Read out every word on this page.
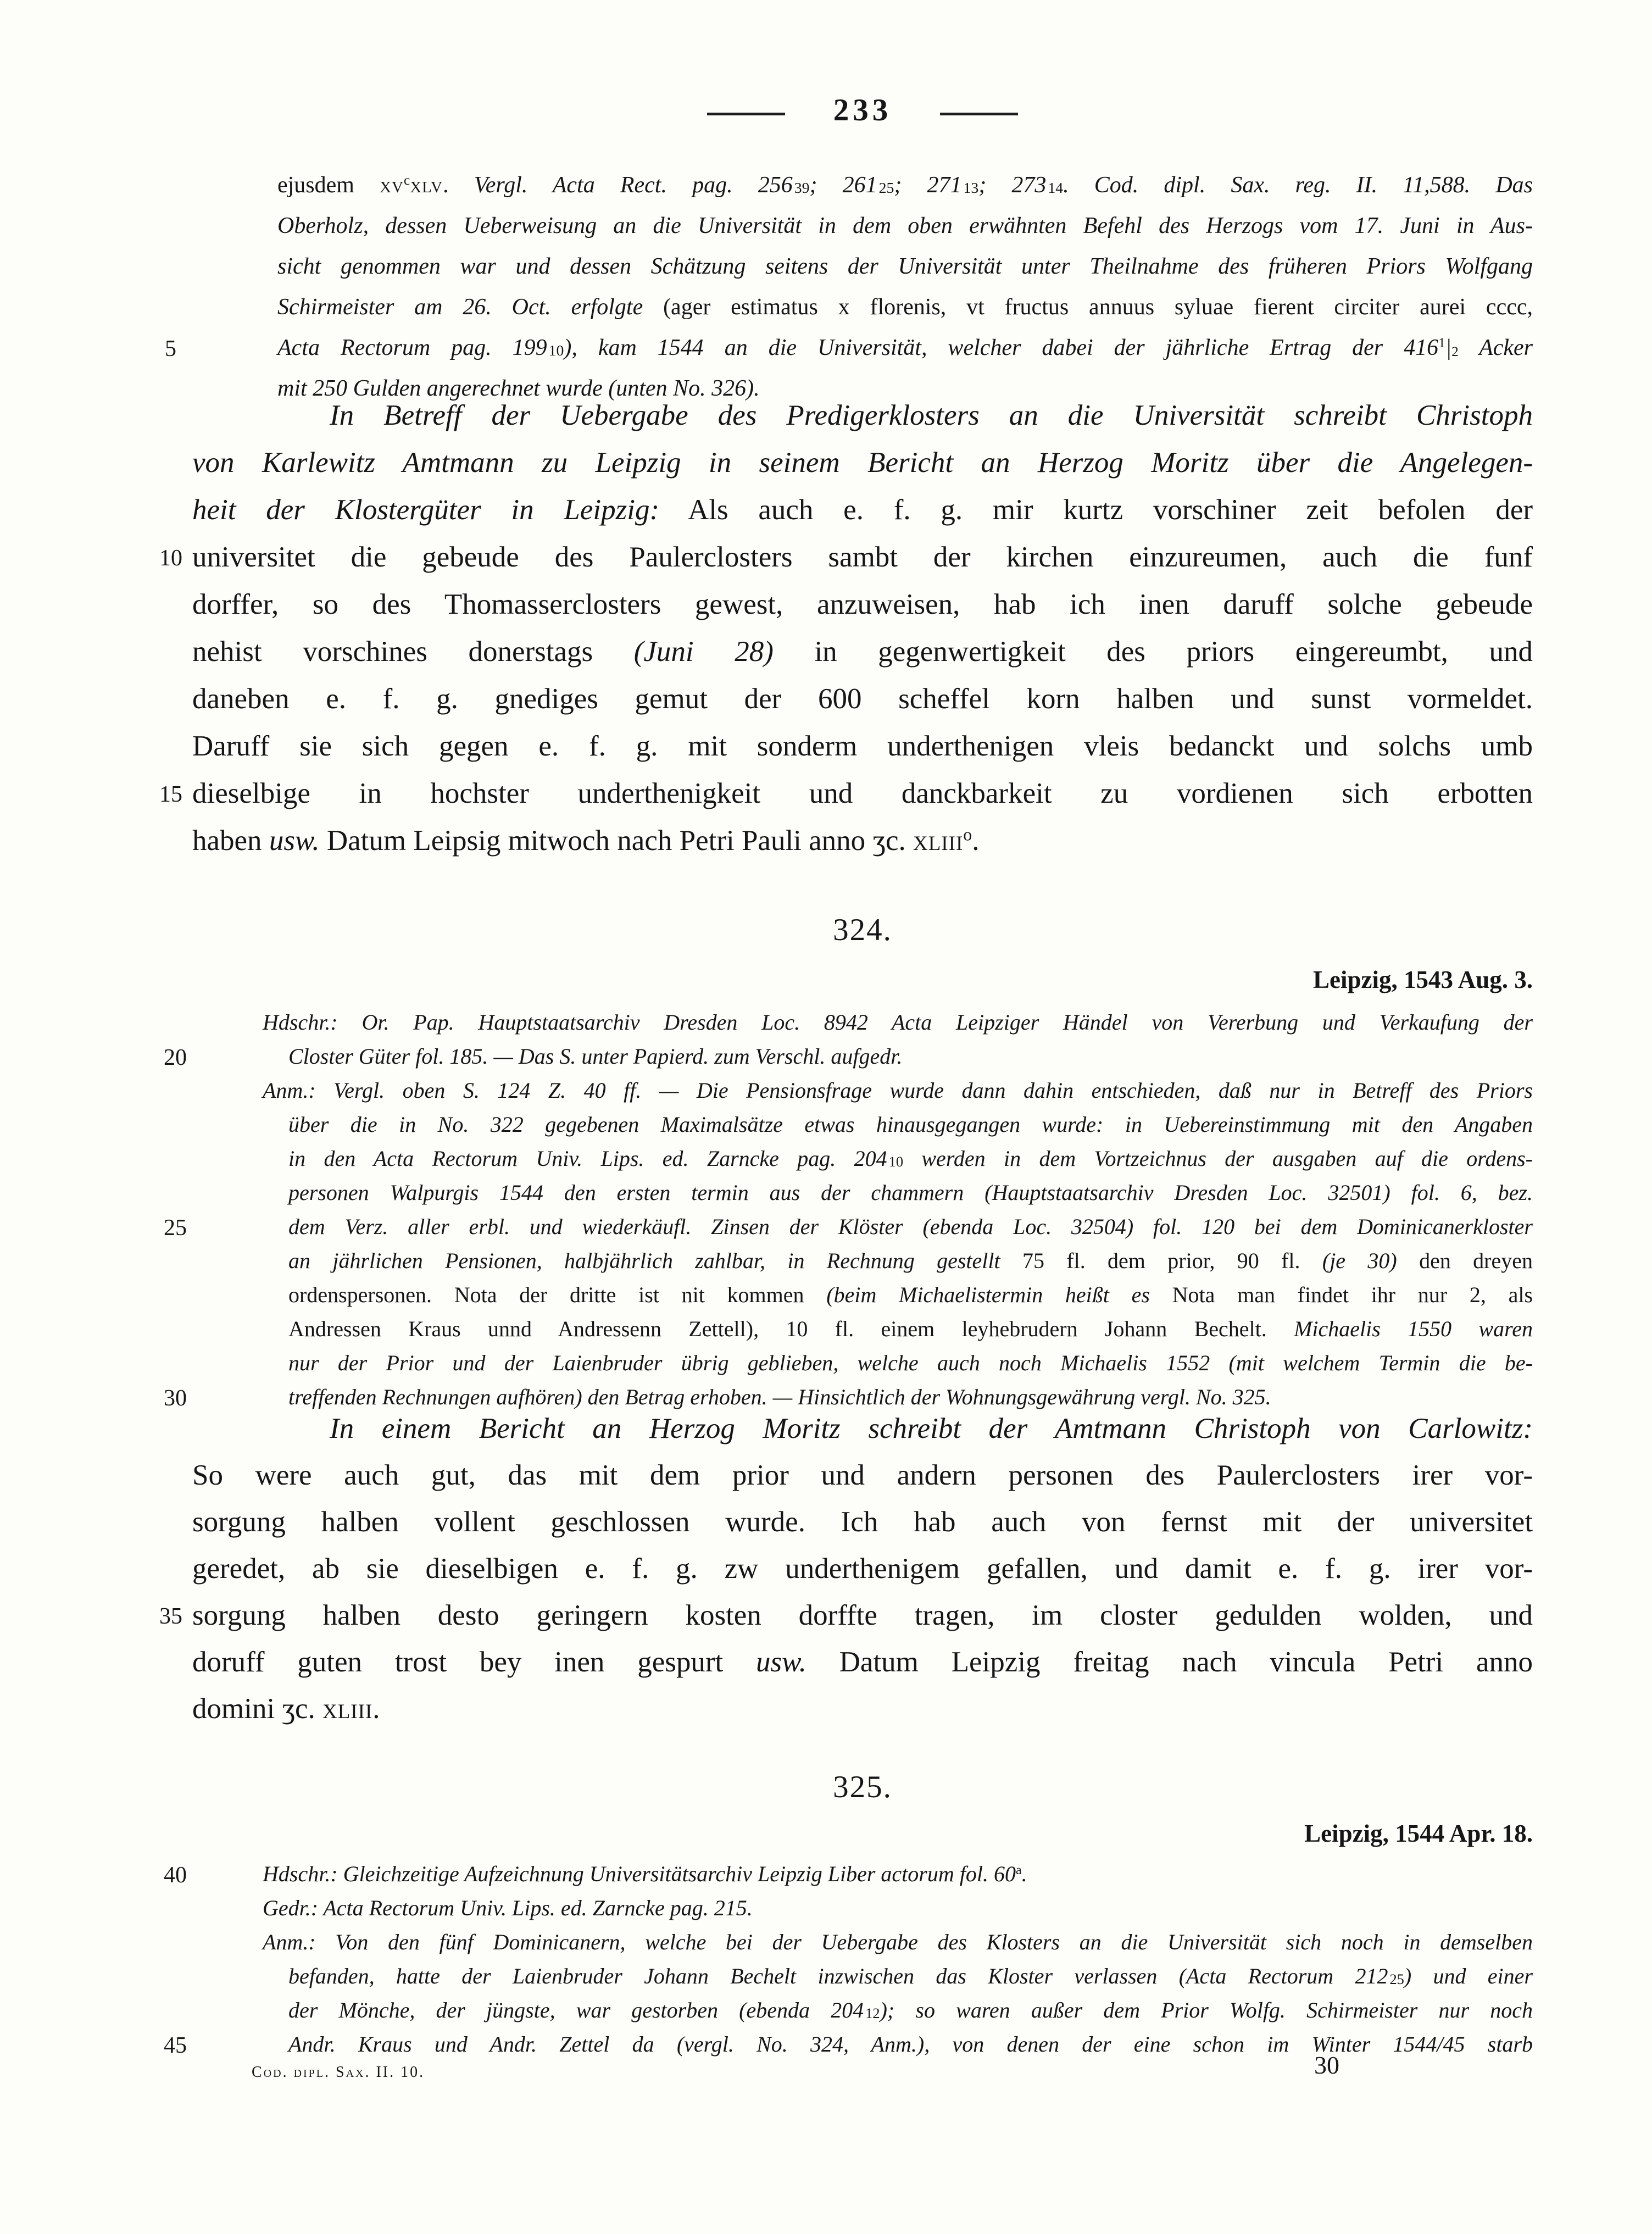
233
ejusdem $xv^cxlv$. Vergl. Acta Rect. pag. 256 39; 261 25; 271 13; 273 14. Cod. dipl. Sax. reg. II. 11,588. Das
Oberholz, dessen Ueberweisung an die Universität in dem oben erwähnten Befehl des Herzogs vom 17. Juni in Aus-
sicht genommen war und dessen Schätzung seitens der Universität unter Theilnahme des früheren Priors Wolfgang
Schirmeister am 26. Oct. erfolgte (ager estimatus x florenis, vt fructus annuus syluae fierent circiter aurei cccc,
5	Acta Rectorum pag. 199 10), kam 1544 an die Universität, welcher dabei der jährliche Ertrag der $416^1|2$ Acker
mit 250 Gulden angerechnet wurde (unten No. 326).
In Betreff der Uebergabe des Predigerklosters an die Universität schreibt Christoph
von Karlewitz Amtmann zu Leipzig in seinem Bericht an Herzog Moritz über die Angelegen-
heit der Klostergüter in Leipzig: Als auch e. f. g. mir kurtz vorschiner zeit befolen der
10 universitet die gebeude des Paulerclosters sambt der kirchen einzureumen, auch die funf
dorffer, so des Thomasserclosters gewest, anzuweisen, hab ich inen daruff solche gebeude
nehist vorschines donerstags (Juni 28) in gegenwertigkeit des priors eingereumbt, und
daneben e. f. g. gnediges gemut der 600 scheffel korn halben und sunst vormeldet.
Daruff sie sich gegen e. f. g. mit sonderm underthenigen vleis bedanckt und solchs umb
15 dieselbige in hochster underthenigkeit und danckbarkeit zu vordienen sich erbotten
haben usw. Datum Leipsig mitwoch nach Petri Pauli anno ʒc. xliii$^o$.
324.
Leipzig, 1543 Aug. 3.
Hdschr.: Or. Pap. Hauptstaatsarchiv Dresden Loc. 8942 Acta Leipziger Händel von Vererbung und Verkaufung der
20	Closter Güter fol. 185. — Das S. unter Papierd. zum Verschl. aufgedr.
Anm.: Vergl. oben S. 124 Z. 40 ff. — Die Pensionsfrage wurde dann dahin entschieden, daß nur in Betreff des Priors
über die in No. 322 gegebenen Maximalsätze etwas hinausgegangen wurde: in Uebereinstimmung mit den Angaben
in den Acta Rectorum Univ. Lips. ed. Zarncke pag. 204 10 werden in dem Vortzeichnus der ausgaben auf die ordens-
personen Walpurgis 1544 den ersten termin aus der chammern (Hauptstaatsarchiv Dresden Loc. 32501) fol. 6, bez.
25	dem Verz. aller erbl. und wiederkäufl. Zinsen der Klöster (ebenda Loc. 32504) fol. 120 bei dem Dominicanerkloster
an jährlichen Pensionen, halbjährlich zahlbar, in Rechnung gestellt 75 fl. dem prior, 90 fl. (je 30) den dreyen
ordenspersonen. Nota der dritte ist nit kommen (beim Michaelistermin heißt es Nota man findet ihr nur 2, als
Andressen Kraus unnd Andressenn Zettell), 10 fl. einem leyhebrudern Johann Bechelt. Michaelis 1550 waren
nur der Prior und der Laienbruder übrig geblieben, welche auch noch Michaelis 1552 (mit welchem Termin die be-
30	treffenden Rechnungen aufhören) den Betrag erhoben. — Hinsichtlich der Wohnungsgewährung vergl. No. 325.
In einem Bericht an Herzog Moritz schreibt der Amtmann Christoph von Carlowitz:
So were auch gut, das mit dem prior und andern personen des Paulerclosters irer vor-
sorgung halben vollent geschlossen wurde. Ich hab auch von fernst mit der universitet
geredet, ab sie dieselbigen e. f. g. zw underthenigem gefallen, und damit e. f. g. irer vor-
35 sorgung halben desto geringern kosten dorffte tragen, im closter gedulden wolden, und
doruff guten trost bey inen gespurt usw. Datum Leipzig freitag nach vincula Petri anno
domini ʒc. xliii.
325.
Leipzig, 1544 Apr. 18.
40	Hdschr.: Gleichzeitige Aufzeichnung Universitätsarchiv Leipzig Liber actorum fol. 60$^a$.
Gedr.: Acta Rectorum Univ. Lips. ed. Zarncke pag. 215.
Anm.: Von den fünf Dominicanern, welche bei der Uebergabe des Klosters an die Universität sich noch in demselben
befanden, hatte der Laienbruder Johann Bechelt inzwischen das Kloster verlassen (Acta Rectorum 212 25) und einer
der Mönche, der jüngste, war gestorben (ebenda 204 12); so waren außer dem Prior Wolfg. Schirmeister nur noch
45	Andr. Kraus und Andr. Zettel da (vergl. No. 324, Anm.), von denen der eine schon im Winter 1544/45 starb
Cod. dipl. Sax. II. 10.	30
